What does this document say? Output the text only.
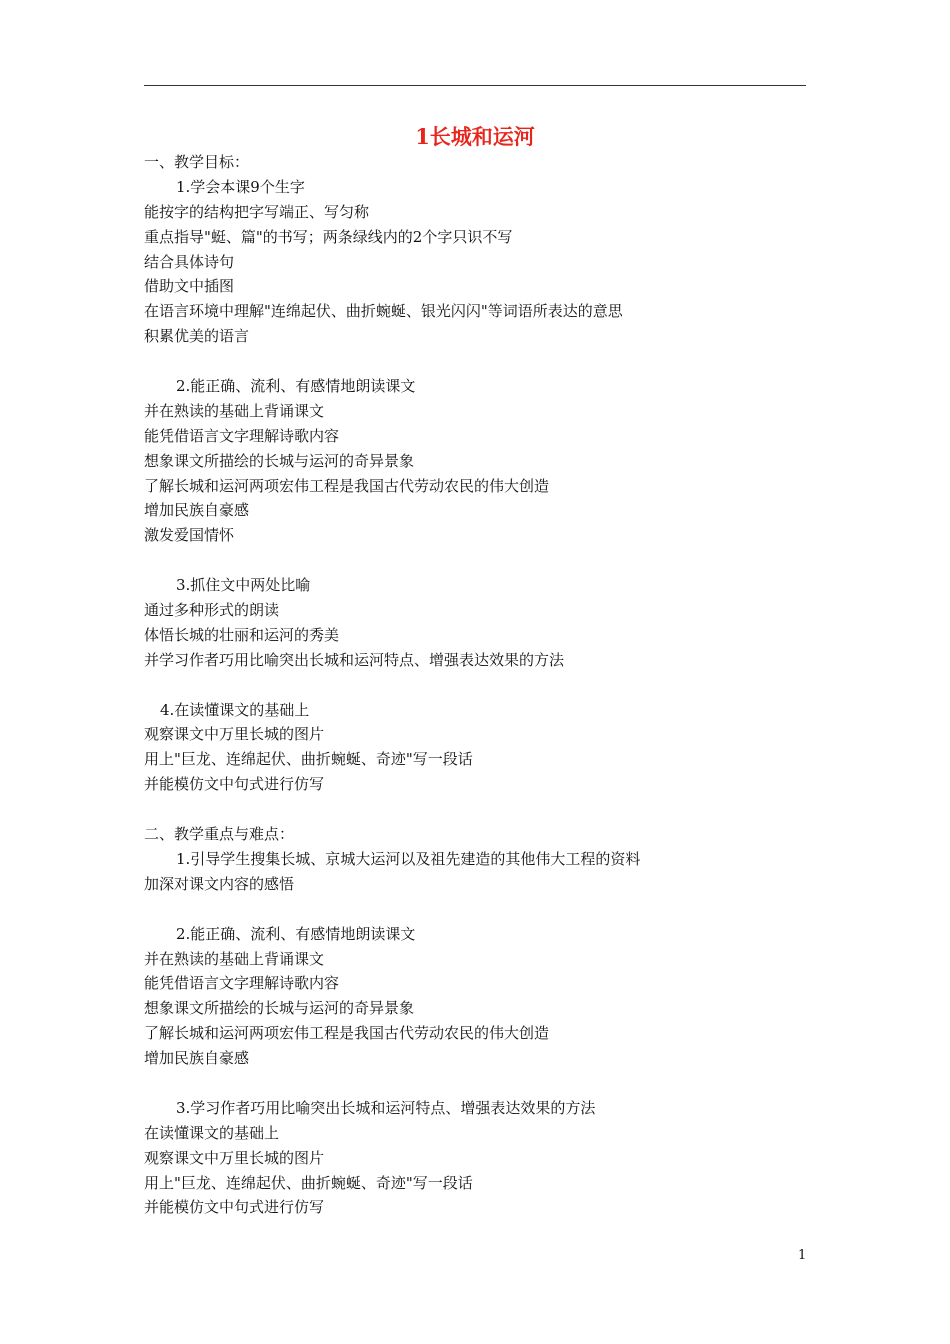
1长城和运河
一、教学目标：
1.学会本课9个生字
能按字的结构把字写端正、写匀称
重点指导"蜓、篇"的书写；两条绿线内的2个字只识不写
结合具体诗句
借助文中插图
在语言环境中理解"连绵起伏、曲折蜿蜒、银光闪闪"等词语所表达的意思
积累优美的语言
2.能正确、流利、有感情地朗读课文
并在熟读的基础上背诵课文
能凭借语言文字理解诗歌内容
想象课文所描绘的长城与运河的奇异景象
了解长城和运河两项宏伟工程是我国古代劳动农民的伟大创造
增加民族自豪感
激发爱国情怀
3.抓住文中两处比喻
通过多种形式的朗读
体悟长城的壮丽和运河的秀美
并学习作者巧用比喻突出长城和运河特点、增强表达效果的方法
4.在读懂课文的基础上
观察课文中万里长城的图片
用上"巨龙、连绵起伏、曲折蜿蜒、奇迹"写一段话
并能模仿文中句式进行仿写
二、教学重点与难点：
1.引导学生搜集长城、京城大运河以及祖先建造的其他伟大工程的资料
加深对课文内容的感悟
2.能正确、流利、有感情地朗读课文
并在熟读的基础上背诵课文
能凭借语言文字理解诗歌内容
想象课文所描绘的长城与运河的奇异景象
了解长城和运河两项宏伟工程是我国古代劳动农民的伟大创造
增加民族自豪感
3.学习作者巧用比喻突出长城和运河特点、增强表达效果的方法
在读懂课文的基础上
观察课文中万里长城的图片
用上"巨龙、连绵起伏、曲折蜿蜒、奇迹"写一段话
并能模仿文中句式进行仿写
1
